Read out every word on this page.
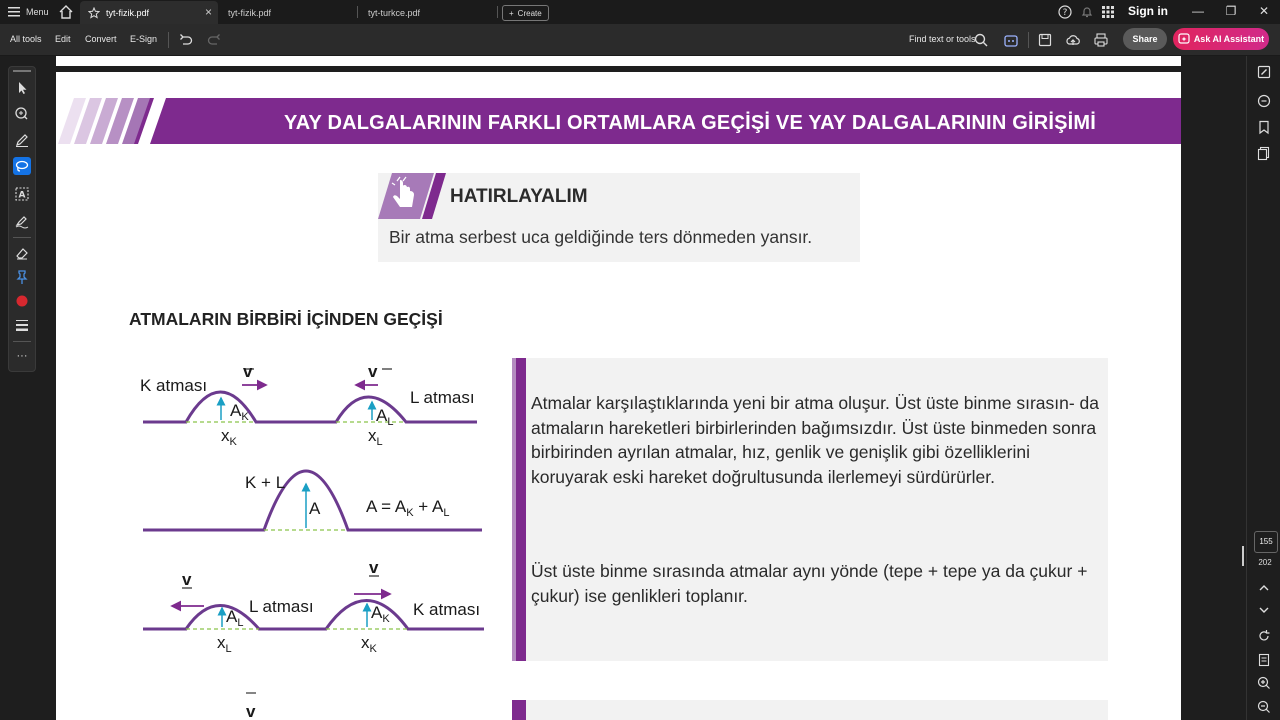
Menu	tyt-fizik.pdf	× tyt-fizik.pdf	tyt-turkce.pdf	+ Create	?	Sign in	—	❐	✕
All tools Edit Convert E-Sign	Find text or tools	Share	Ask AI Assistant
A
···
YAY DALGALARININ FARKLI ORTAMLARA GEÇİŞİ VE YAY DALGALARININ GİRİŞİMİ
HATIRLAYALIM
Bir atma serbest uca geldiğinde ters dönmeden yansır.
ATMALARIN BİRBİRİ İÇİNDEN GEÇİŞİ
K atması
v
$A_K$
$x_K$
v
L atması
$A_L$
$x_L$
K + L
A	$A = A_K + A_L$
v
L atması
$A_L$
$x_L$
v
K atması
$A_K$
$x_K$
v
Atmalar karşılaştıklarında yeni bir atma oluşur. Üst üste binme sırasın- da atmaların hareketleri birbirlerinden bağımsızdır. Üst üste binmeden sonra birbirinden ayrılan atmalar, hız, genlik ve genişlik gibi özelliklerini koruyarak eski hareket doğrultusunda ilerlemeyi sürdürürler.
Üst üste binme sırasında atmalar aynı yönde (tepe + tepe ya da çukur + çukur) ise genlikleri toplanır.
155
202
